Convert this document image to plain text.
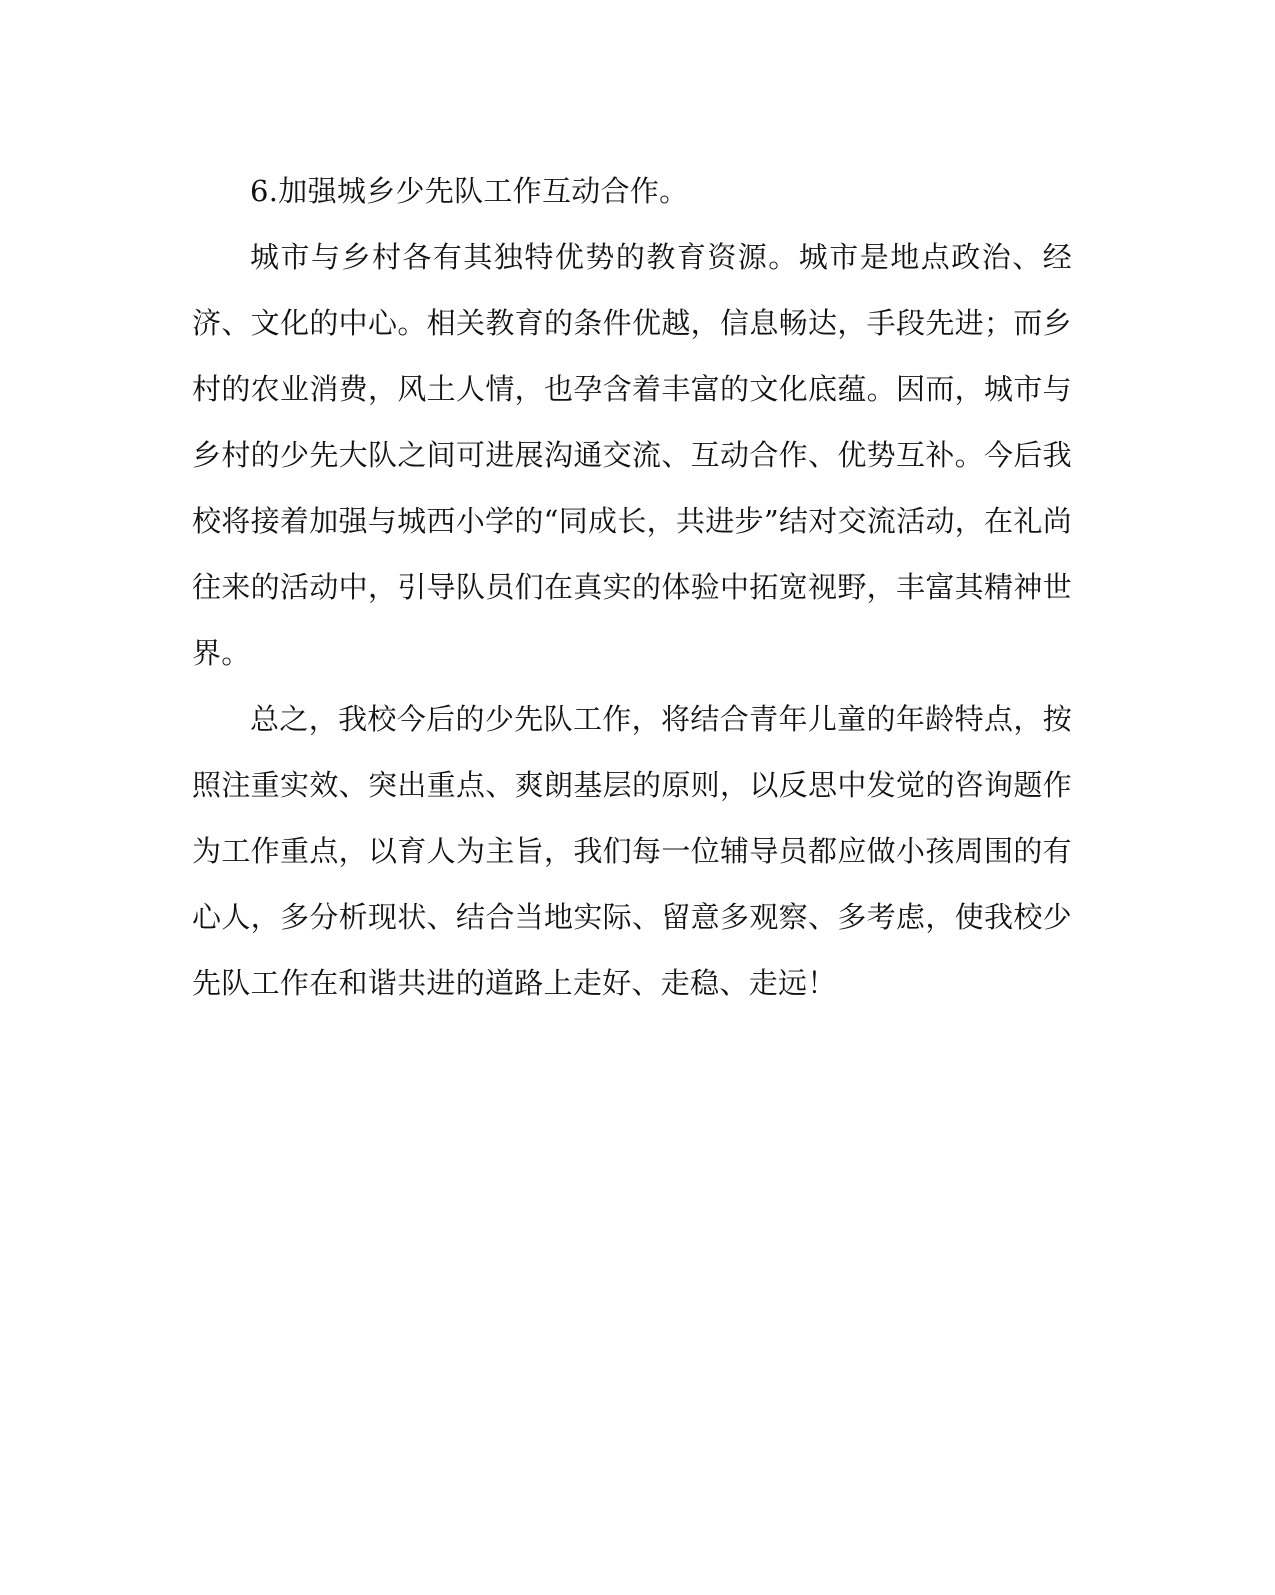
6.加强城乡少先队工作互动合作。

城市与乡村各有其独特优势的教育资源。城市是地点政治、经济、文化的中心。相关教育的条件优越，信息畅达，手段先进；而乡村的农业消费，风土人情，也孕含着丰富的文化底蕴。因而，城市与乡村的少先大队之间可进展沟通交流、互动合作、优势互补。今后我校将接着加强与城西小学的“同成长，共进步”结对交流活动，在礼尚往来的活动中，引导队员们在真实的体验中拓宽视野，丰富其精神世界。

总之，我校今后的少先队工作，将结合青年儿童的年龄特点，按照注重实效、突出重点、爽朗基层的原则，以反思中发觉的咨询题作为工作重点，以育人为主旨，我们每一位辅导员都应做小孩周围的有心人，多分析现状、结合当地实际、留意多观察、多考虑，使我校少先队工作在和谐共进的道路上走好、走稳、走远！
